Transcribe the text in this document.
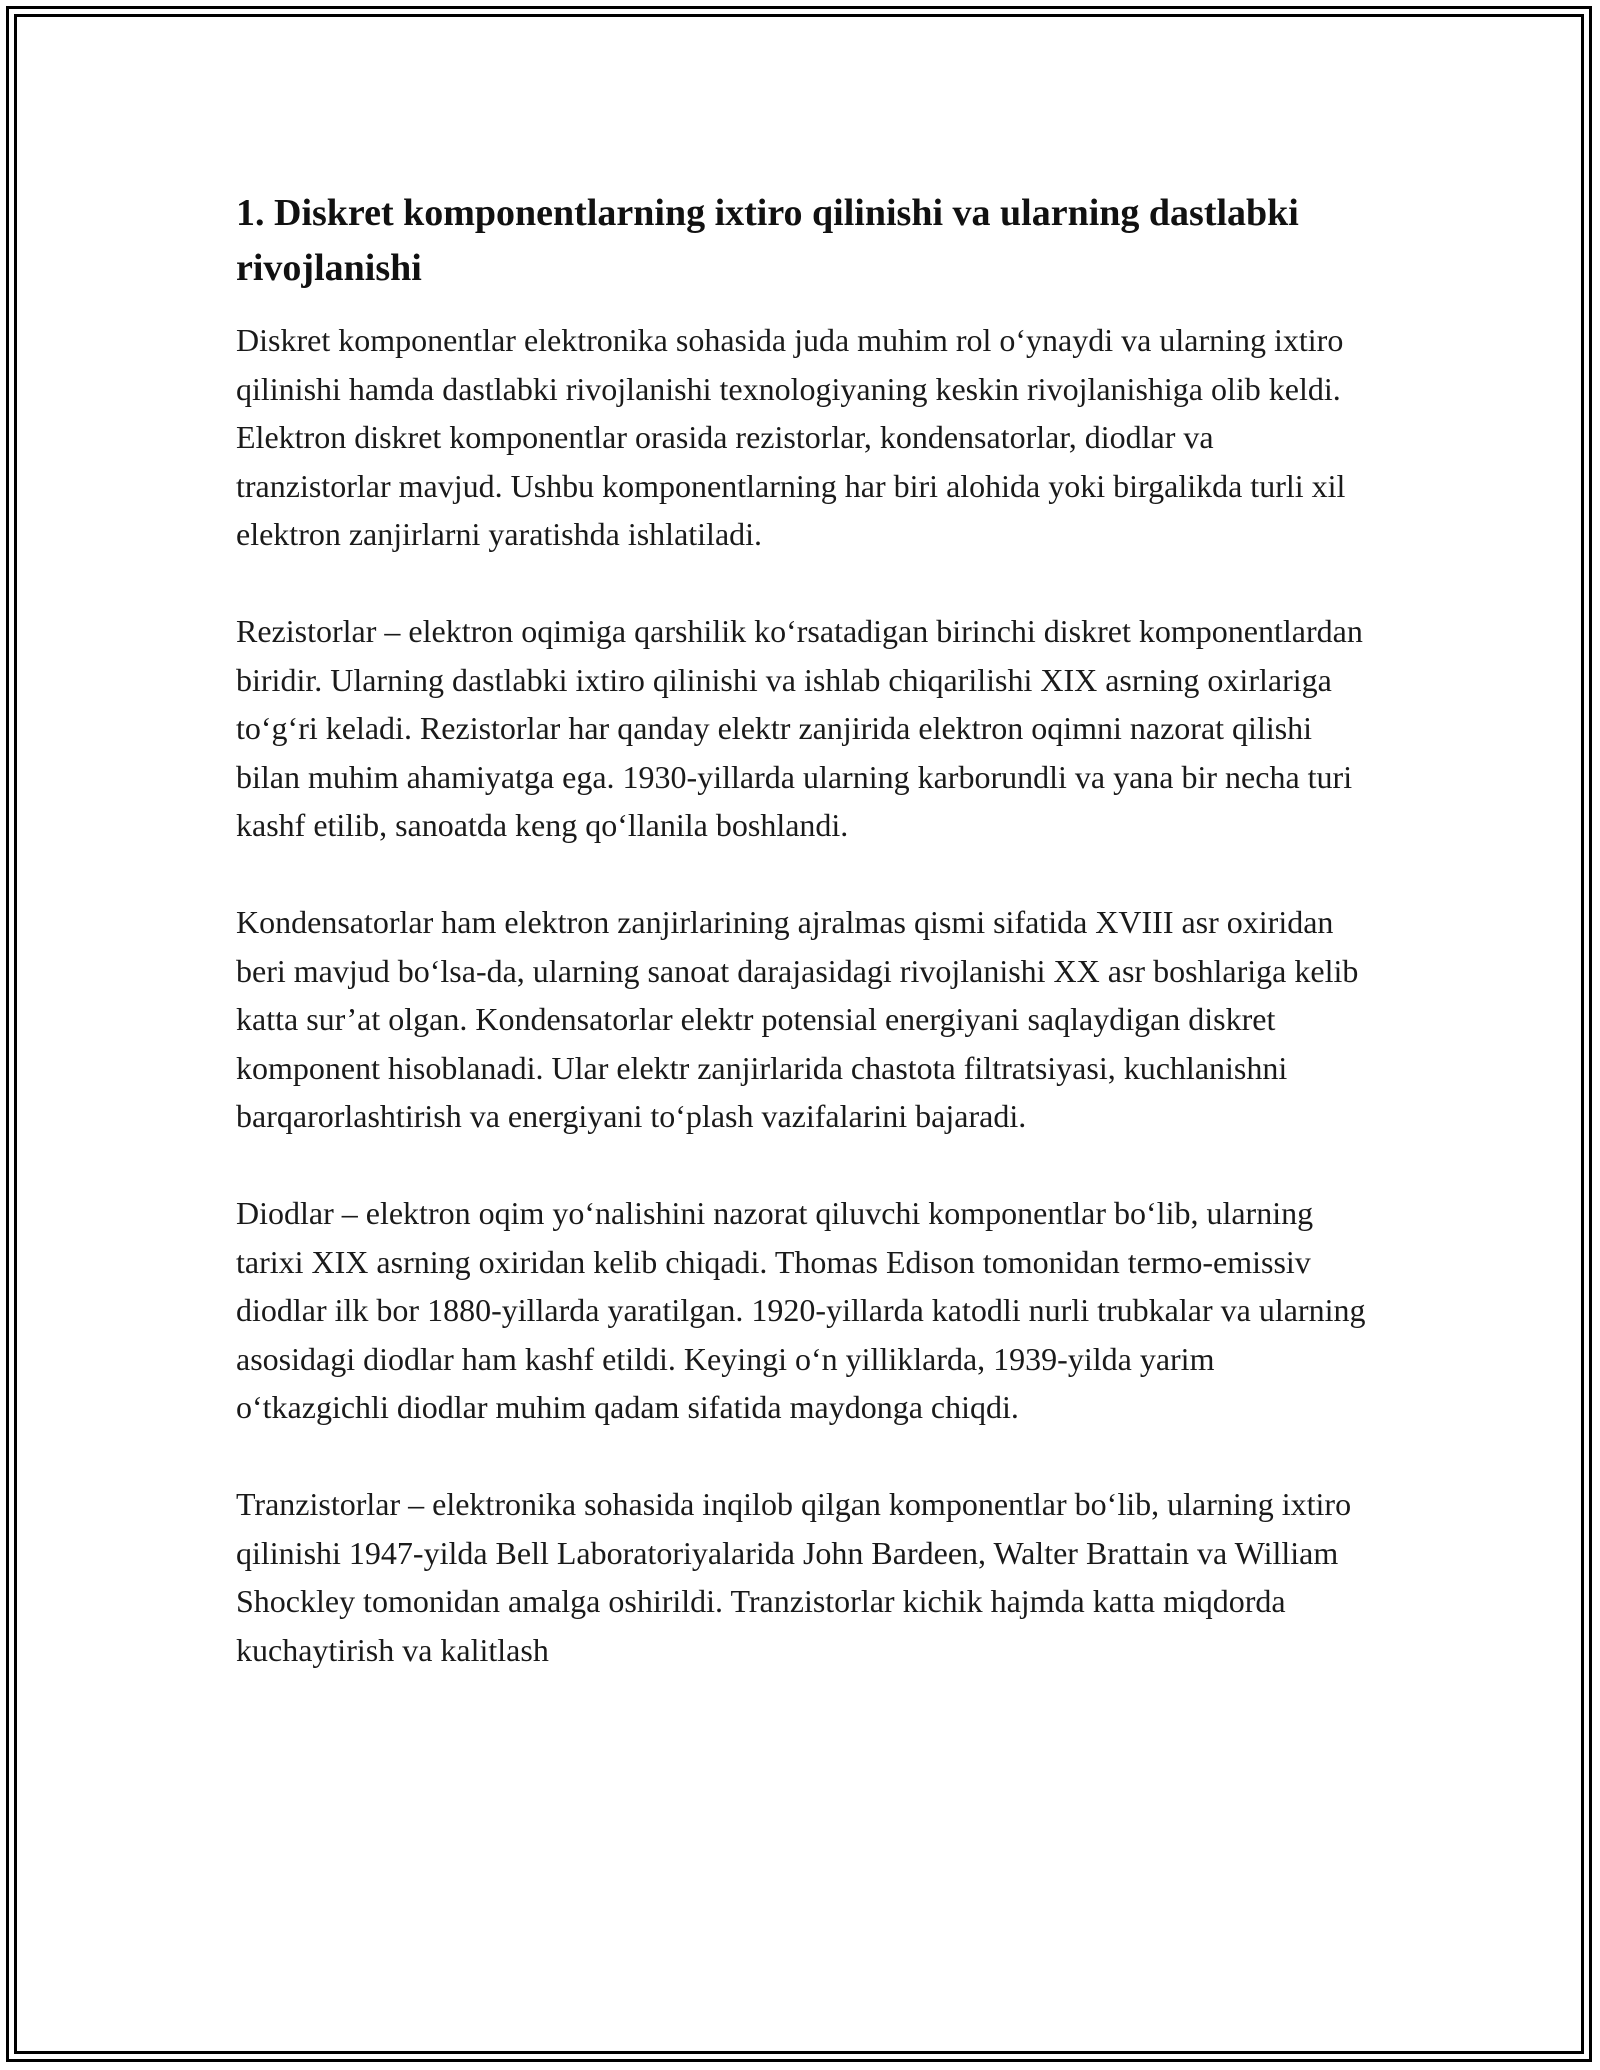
1. Diskret komponentlarning ixtiro qilinishi va ularning dastlabki rivojlanishi

Diskret komponentlar elektronika sohasida juda muhim rol o‘ynaydi va ularning ixtiro qilinishi hamda dastlabki rivojlanishi texnologiyaning keskin rivojlanishiga olib keldi. Elektron diskret komponentlar orasida rezistorlar, kondensatorlar, diodlar va tranzistorlar mavjud. Ushbu komponentlarning har biri alohida yoki birgalikda turli xil elektron zanjirlarni yaratishda ishlatiladi.

Rezistorlar – elektron oqimiga qarshilik ko‘rsatadigan birinchi diskret komponentlardan biridir. Ularning dastlabki ixtiro qilinishi va ishlab chiqarilishi XIX asrning oxirlariga to‘g‘ri keladi. Rezistorlar har qanday elektr zanjirida elektron oqimni nazorat qilishi bilan muhim ahamiyatga ega. 1930-yillarda ularning karborundli va yana bir necha turi kashf etilib, sanoatda keng qo‘llanila boshlandi.

Kondensatorlar ham elektron zanjirlarining ajralmas qismi sifatida XVIII asr oxiridan beri mavjud bo‘lsa-da, ularning sanoat darajasidagi rivojlanishi XX asr boshlariga kelib katta sur’at olgan. Kondensatorlar elektr potensial energiyani saqlaydigan diskret komponent hisoblanadi. Ular elektr zanjirlarida chastota filtratsiyasi, kuchlanishni barqarorlashtirish va energiyani to‘plash vazifalarini bajaradi.

Diodlar – elektron oqim yo‘nalishini nazorat qiluvchi komponentlar bo‘lib, ularning tarixi XIX asrning oxiridan kelib chiqadi. Thomas Edison tomonidan termo-emissiv diodlar ilk bor 1880-yillarda yaratilgan. 1920-yillarda katodli nurli trubkalar va ularning asosidagi diodlar ham kashf etildi. Keyingi o‘n yilliklarda, 1939-yilda yarim o‘tkazgichli diodlar muhim qadam sifatida maydonga chiqdi.

Tranzistorlar – elektronika sohasida inqilob qilgan komponentlar bo‘lib, ularning ixtiro qilinishi 1947-yilda Bell Laboratoriyalarida John Bardeen, Walter Brattain va William Shockley tomonidan amalga oshirildi. Tranzistorlar kichik hajmda katta miqdorda kuchaytirish va kalitlash
